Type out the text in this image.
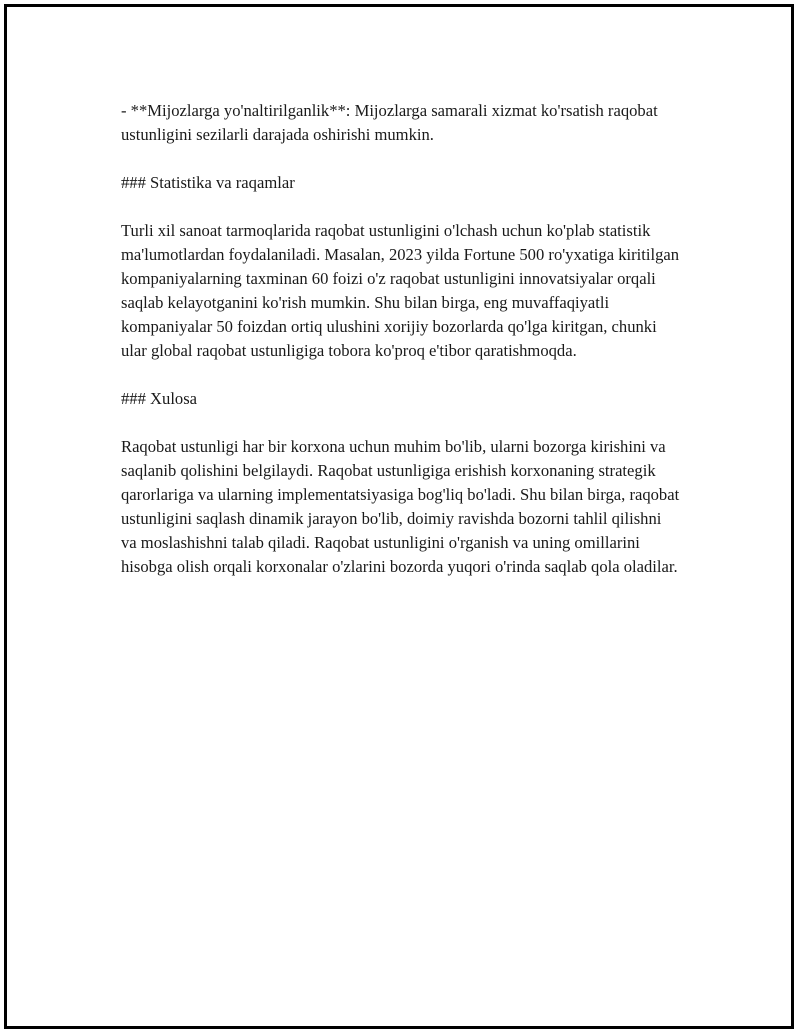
- **Mijozlarga yo'naltirilganlik**: Mijozlarga samarali xizmat ko'rsatish raqobat ustunligini sezilarli darajada oshirishi mumkin.

### Statistika va raqamlar

Turli xil sanoat tarmoqlarida raqobat ustunligini o'lchash uchun ko'plab statistik ma'lumotlardan foydalaniladi. Masalan, 2023 yilda Fortune 500 ro'yxatiga kiritilgan kompaniyalarning taxminan 60 foizi o'z raqobat ustunligini innovatsiyalar orqali saqlab kelayotganini ko'rish mumkin. Shu bilan birga, eng muvaffaqiyatli kompaniyalar 50 foizdan ortiq ulushini xorijiy bozorlarda qo'lga kiritgan, chunki ular global raqobat ustunligiga tobora ko'proq e'tibor qaratishmoqda.

### Xulosa

Raqobat ustunligi har bir korxona uchun muhim bo'lib, ularni bozorga kirishini va saqlanib qolishini belgilaydi. Raqobat ustunligiga erishish korxonaning strategik qarorlariga va ularning implementatsiyasiga bog'liq bo'ladi. Shu bilan birga, raqobat ustunligini saqlash dinamik jarayon bo'lib, doimiy ravishda bozorni tahlil qilishni va moslashishni talab qiladi. Raqobat ustunligini o'rganish va uning omillarini hisobga olish orqali korxonalar o'zlarini bozorda yuqori o'rinda saqlab qola oladilar.
